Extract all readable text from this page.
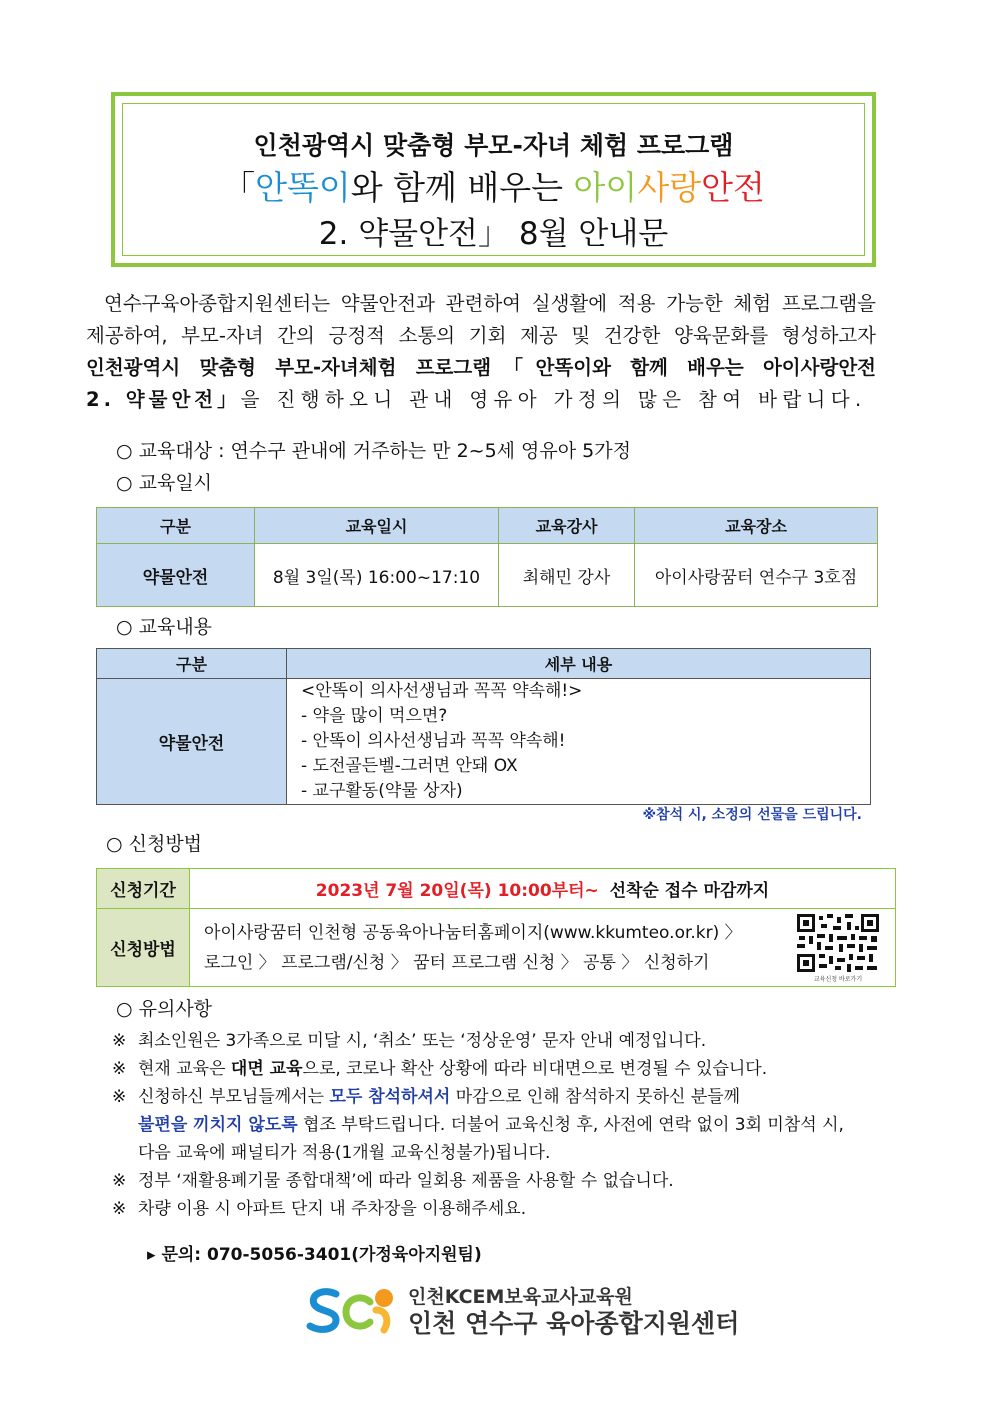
인천광역시 맞춤형 부모-자녀 체험 프로그램
「안똑이와 함께 배우는 아이사랑안전
2. 약물안전」 8월 안내문
연수구육아종합지원센터는 약물안전과 관련하여 실생활에 적용 가능한 체험 프로그램을
제공하여, 부모-자녀 간의 긍정적 소통의 기회 제공 및 건강한 양육문화를 형성하고자
인천광역시 맞춤형 부모-자녀체험 프로그램「안똑이와 함께 배우는 아이사랑안전
2. 약물안전」을 진행하오니 관내 영유아 가정의 많은 참여 바랍니다.
○ 교육대상 : 연수구 관내에 거주하는 만 2~5세 영유아 5가정
○ 교육일시
구분	교육일시	교육강사	교육장소
약물안전	8월 3일(목) 16:00~17:10	최해민 강사	아이사랑꿈터 연수구 3호점
○ 교육내용
구분	세부 내용
약물안전	<안똑이 의사선생님과 꼭꼭 약속해!>
- 약을 많이 먹으면?
- 안똑이 의사선생님과 꼭꼭 약속해!
- 도전골든벨-그러면 안돼 OX
- 교구활동(약물 상자)
※참석 시, 소정의 선물을 드립니다.
○ 신청방법
신청기간	2023년 7월 20일(목) 10:00부터~ 선착순 접수 마감까지
신청방법	아이사랑꿈터 인천형 공동육아나눔터홈페이지(www.kkumteo.or.kr) 〉
로그인 〉 프로그램/신청 〉 꿈터 프로그램 신청 〉 공통 〉 신청하기
교육신청 바로가기
○ 유의사항
※ 최소인원은 3가족으로 미달 시, ‘취소’ 또는 ‘정상운영’ 문자 안내 예정입니다.
※ 현재 교육은 대면 교육으로, 코로나 확산 상황에 따라 비대면으로 변경될 수 있습니다.
※ 신청하신 부모님들께서는 모두 참석하셔서 마감으로 인해 참석하지 못하신 분들께
불편을 끼치지 않도록 협조 부탁드립니다. 더불어 교육신청 후, 사전에 연락 없이 3회 미참석 시,
다음 교육에 패널티가 적용(1개월 교육신청불가)됩니다.
※ 정부 ‘재활용폐기물 종합대책’에 따라 일회용 제품을 사용할 수 없습니다.
※ 차량 이용 시 아파트 단지 내 주차장을 이용해주세요.
▸ 문의: 070-5056-3401(가정육아지원팀)
인천KCEM보육교사교육원
인천 연수구 육아종합지원센터
